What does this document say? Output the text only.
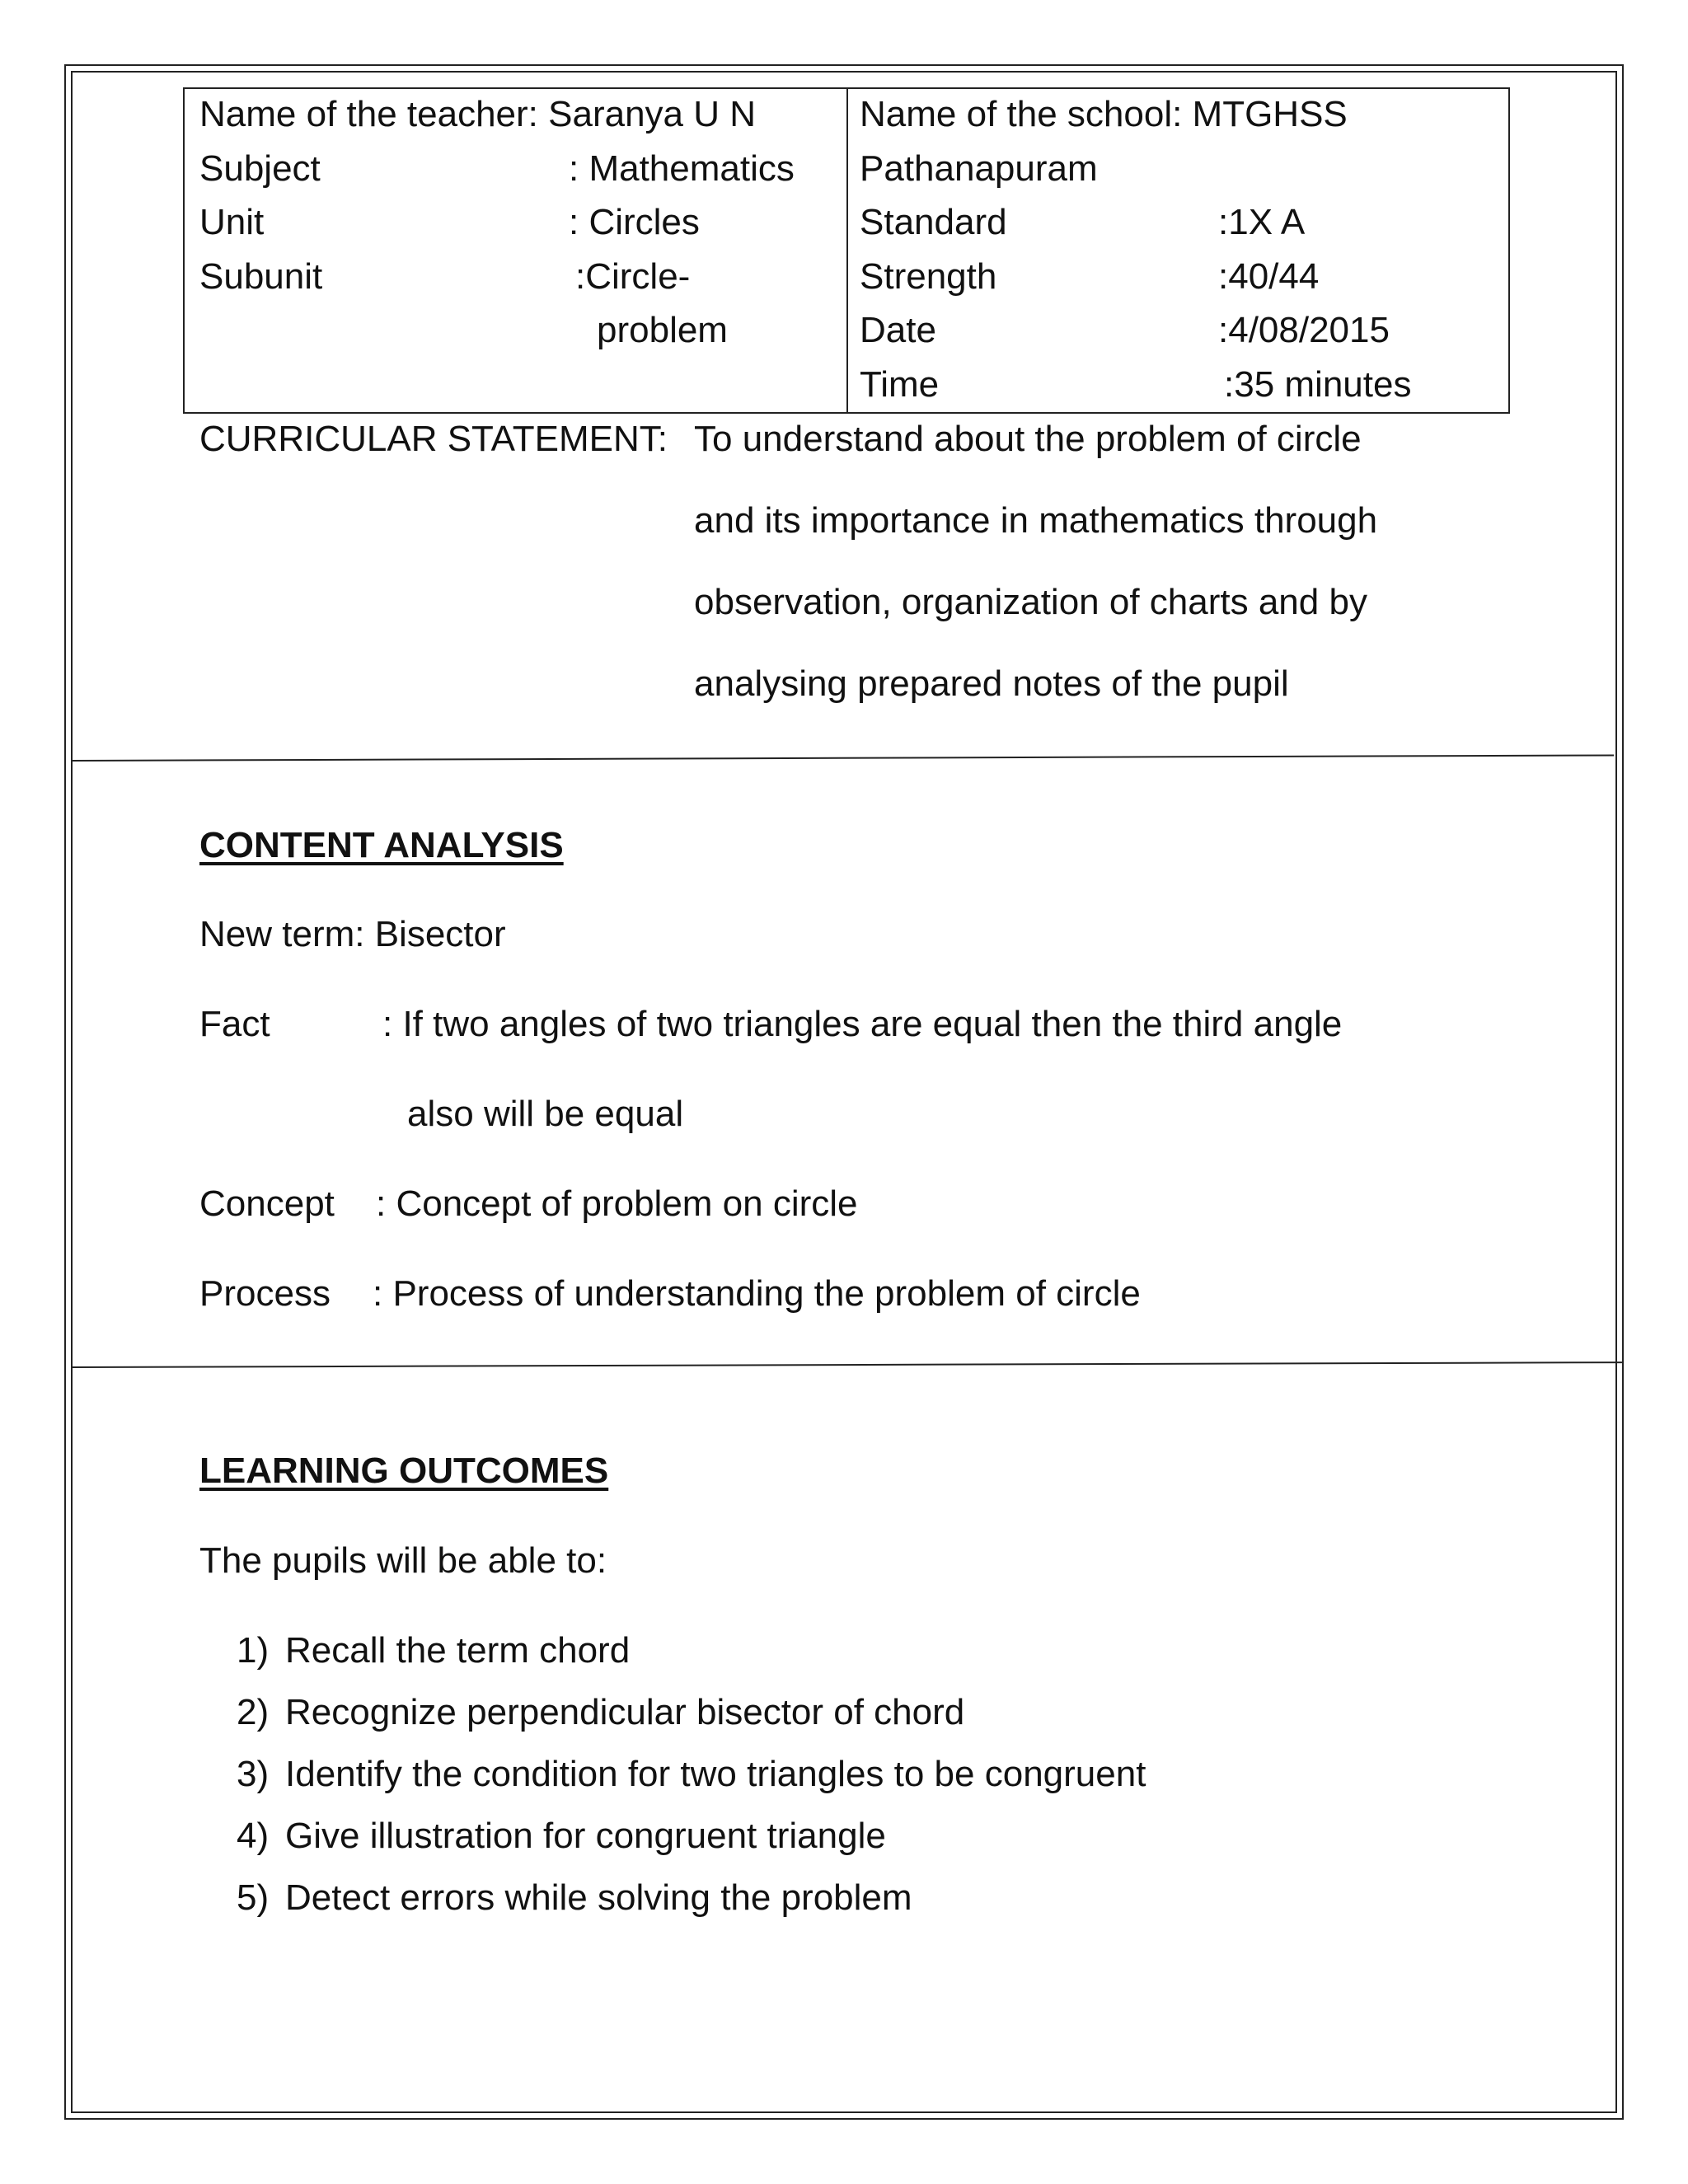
Name of the teacher: Saranya U N
Subject	: Mathematics
Unit	: Circles
Subunit	:Circle-
problem
Name of the school: MTGHSS
Pathanapuram
Standard	:1X A
Strength	:40/44
Date	:4/08/2015
Time	:35 minutes
CURRICULAR STATEMENT: To understand about the problem of circle
and its importance in mathematics through
observation, organization of charts and by
analysing prepared notes of the pupil
CONTENT ANALYSIS
New term: Bisector
Fact	: If two angles of two triangles are equal then the third angle
also will be equal
Concept : Concept of problem on circle
Process : Process of understanding the problem of circle
LEARNING OUTCOMES
The pupils will be able to:
1) Recall the term chord
2) Recognize perpendicular bisector of chord
3) Identify the condition for two triangles to be congruent
4) Give illustration for congruent triangle
5) Detect errors while solving the problem
